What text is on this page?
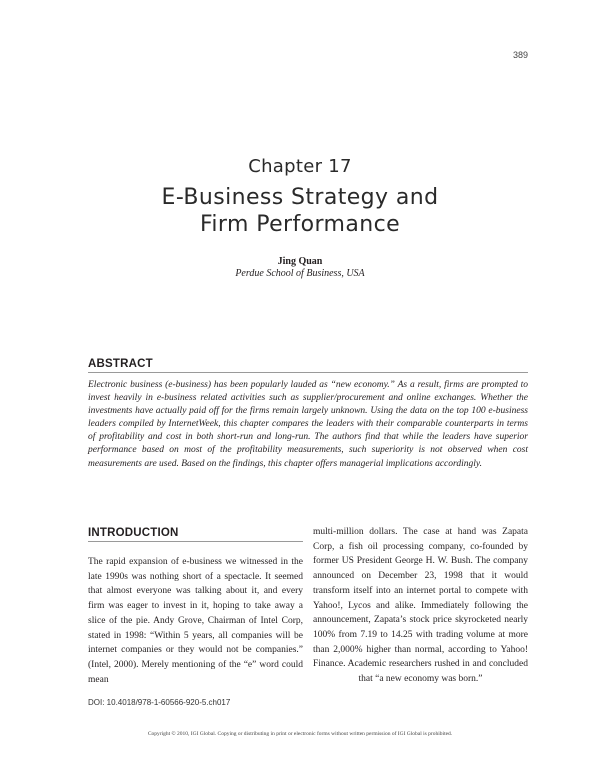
389
Chapter 17
E-Business Strategy and
Firm Performance
Jing Quan
Perdue School of Business, USA
ABSTRACT
Electronic business (e-business) has been popularly lauded as “new economy.” As a result, firms are prompted to invest heavily in e-business related activities such as supplier/procurement and online exchanges. Whether the investments have actually paid off for the firms remain largely unknown. Using the data on the top 100 e-business leaders compiled by InternetWeek, this chapter compares the leaders with their comparable counterparts in terms of profitability and cost in both short-run and long-run. The authors find that while the leaders have superior performance based on most of the profitability measurements, such superiority is not observed when cost measurements are used. Based on the findings, this chapter offers managerial implications accordingly.
INTRODUCTION

The rapid expansion of e-business we witnessed in the late 1990s was nothing short of a spectacle. It seemed that almost everyone was talking about it, and every firm was eager to invest in it, hoping to take away a slice of the pie. Andy Grove, Chairman of Intel Corp, stated in 1998: “Within 5 years, all companies will be internet companies or they would not be companies.” (Intel, 2000). Merely mentioning of the “e” word could mean

multi-million dollars. The case at hand was Zapata Corp, a fish oil processing company, co-founded by former US President George H. W. Bush. The company announced on December 23, 1998 that it would transform itself into an internet portal to compete with Yahoo!, Lycos and alike. Immediately following the announcement, Zapata’s stock price skyrocketed nearly 100% from 7.19 to 14.25 with trading volume at more than 2,000% higher than normal, according to Yahoo! Finance. Academic researchers rushed in and concluded that “a new economy was born.”

DOI: 10.4018/978-1-60566-920-5.ch017
Copyright © 2010, IGI Global. Copying or distributing in print or electronic forms without written permission of IGI Global is prohibited.
